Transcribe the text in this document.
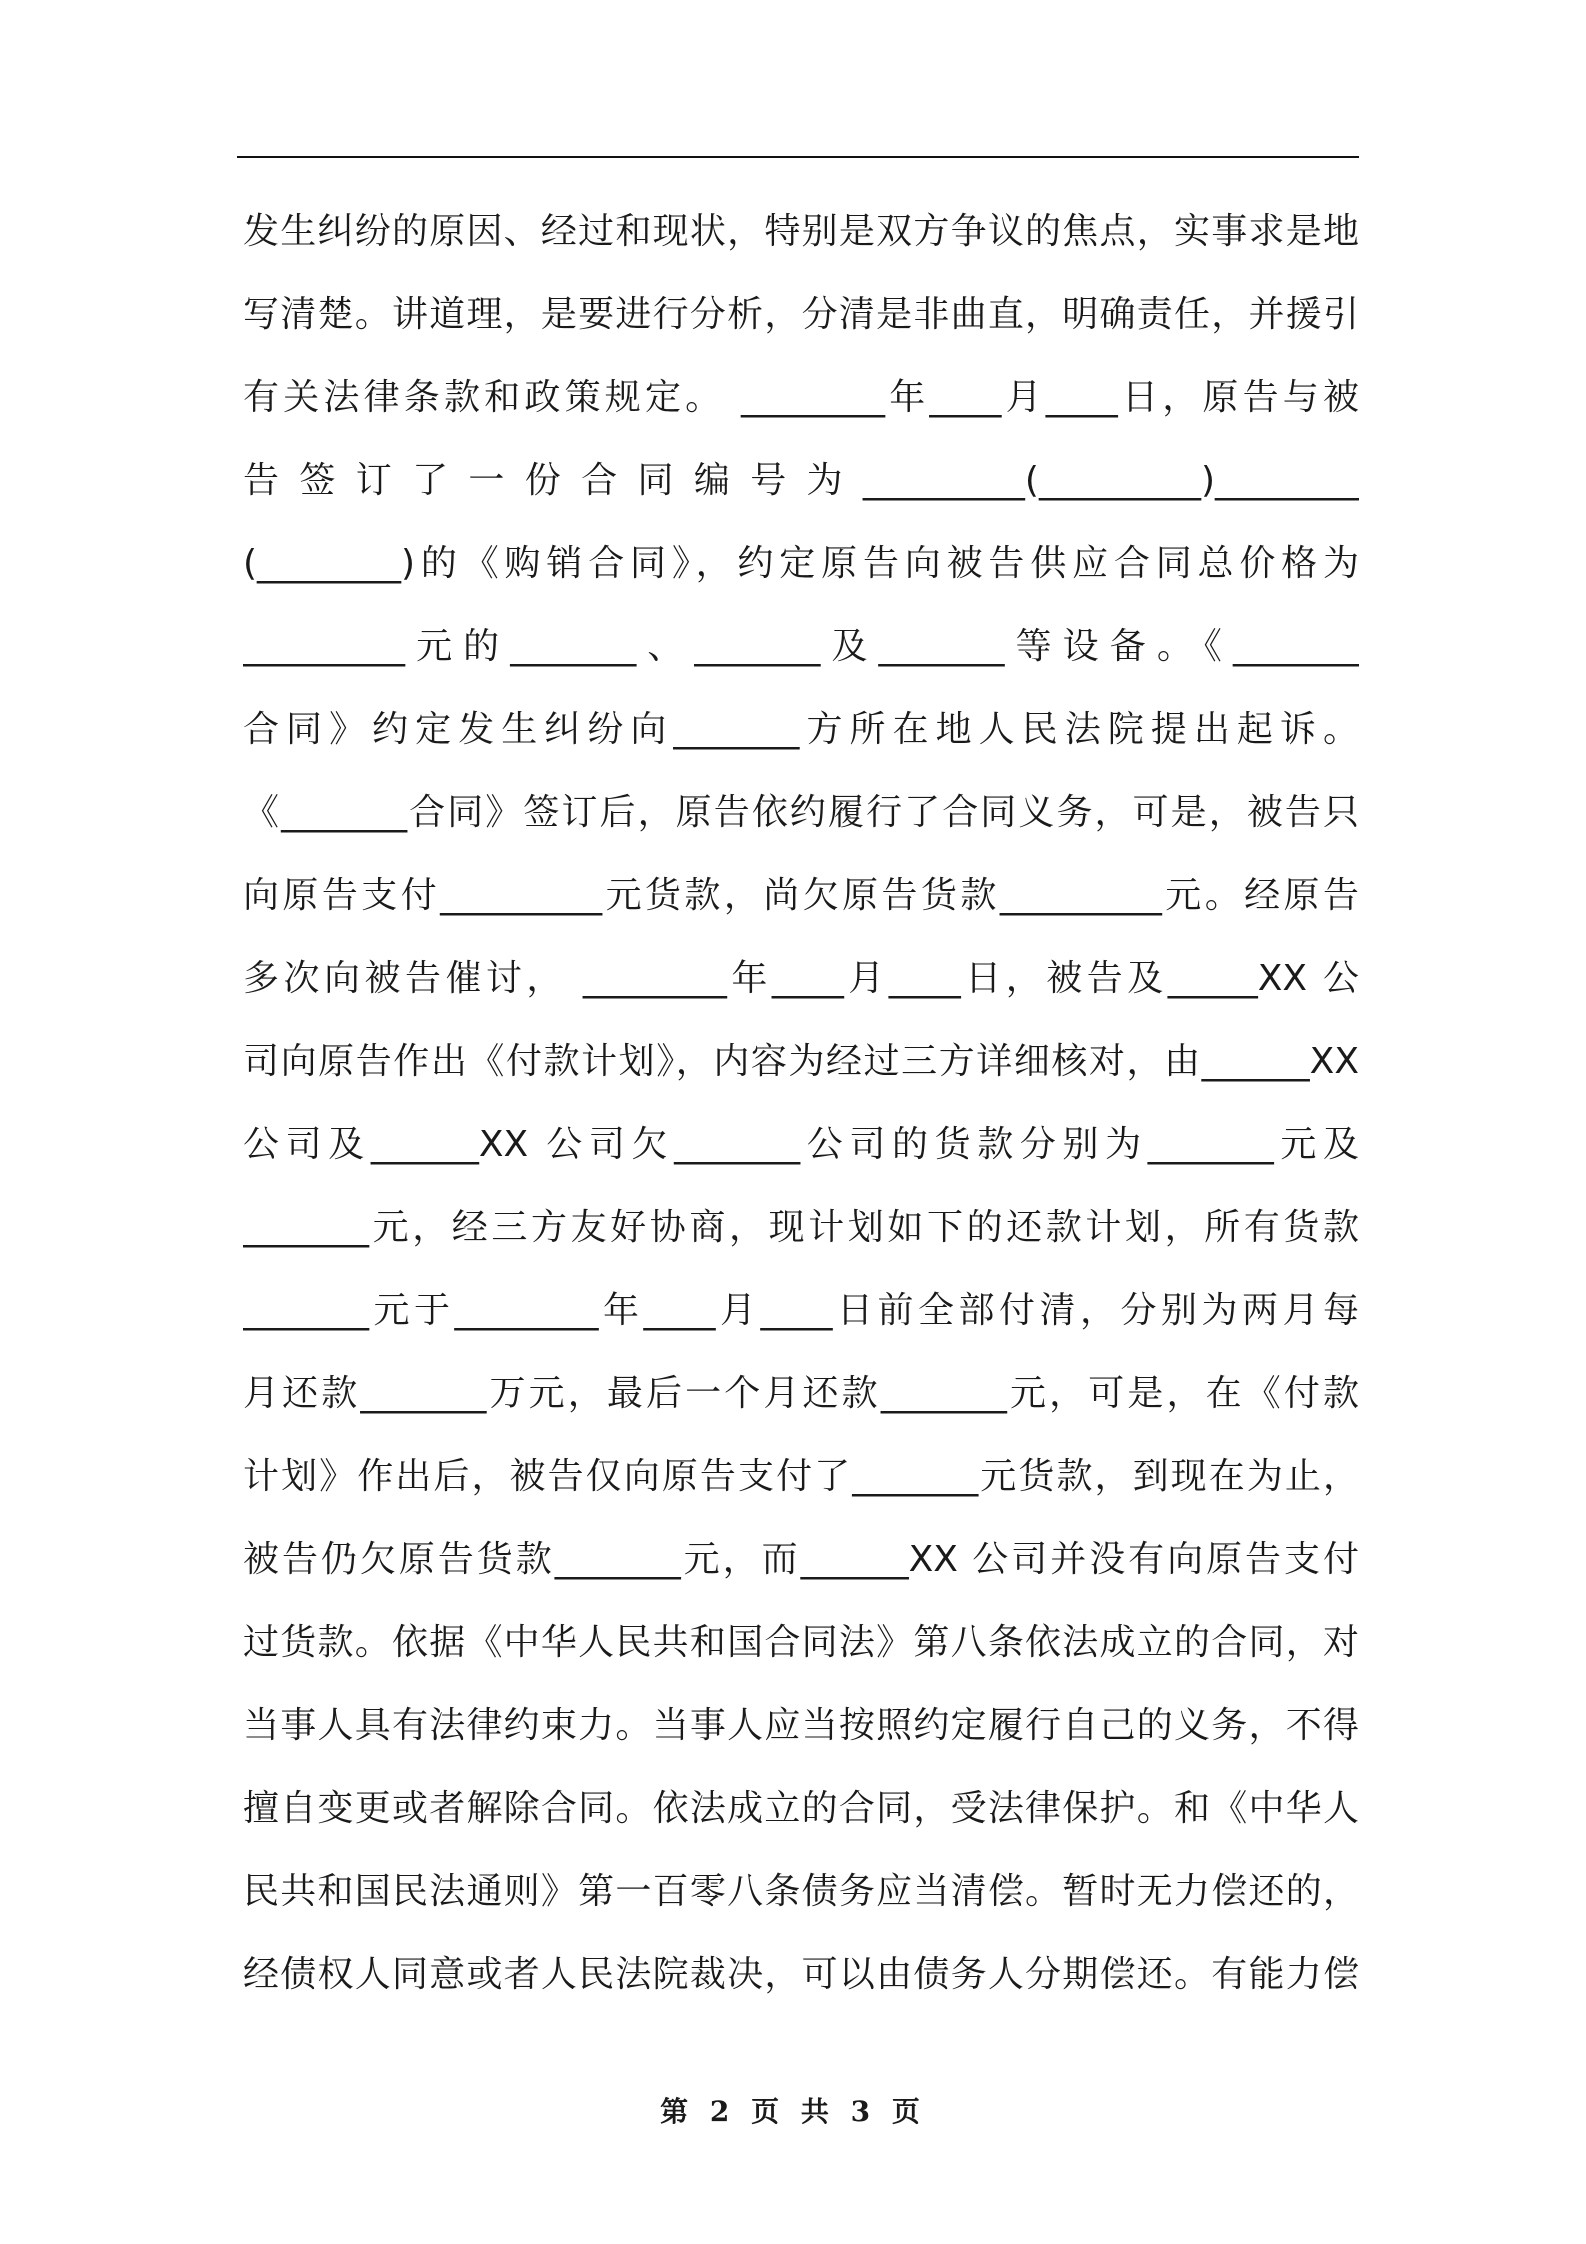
发生纠纷的原因、经过和现状，特别是双方争议的焦点，实事求是地
写清楚。讲道理，是要进行分析，分清是非曲直，明确责任，并援引
有关法律条款和政策规定。 ________年____月____日，原告与被
告 签 订 了 一 份 合 同 编 号 为 _________(_________)________
(________)的《购销合同》，约定原告向被告供应合同总价格为
_________元的_______、_______及_______等设备。《_______
合同》约定发生纠纷向_______方所在地人民法院提出起诉。
《_______合同》签订后，原告依约履行了合同义务，可是，被告只
向原告支付_________元货款，尚欠原告货款_________元。经原告
多次向被告催讨， ________年____月____日，被告及_____XX 公
司向原告作出《付款计划》，内容为经过三方详细核对，由______XX
公司及______XX 公司欠_______公司的货款分别为_______元及
_______元，经三方友好协商，现计划如下的还款计划，所有货款
_______元于________年____月____日前全部付清，分别为两月每
月还款_______万元，最后一个月还款_______元，可是，在《付款
计划》作出后，被告仅向原告支付了_______元货款，到现在为止，
被告仍欠原告货款_______元，而______XX 公司并没有向原告支付
过货款。依据《中华人民共和国合同法》第八条依法成立的合同，对
当事人具有法律约束力。当事人应当按照约定履行自己的义务，不得
擅自变更或者解除合同。依法成立的合同，受法律保护。和《中华人
民共和国民法通则》第一百零八条债务应当清偿。暂时无力偿还的，
经债权人同意或者人民法院裁决，可以由债务人分期偿还。有能力偿
第 2 页 共 3 页
